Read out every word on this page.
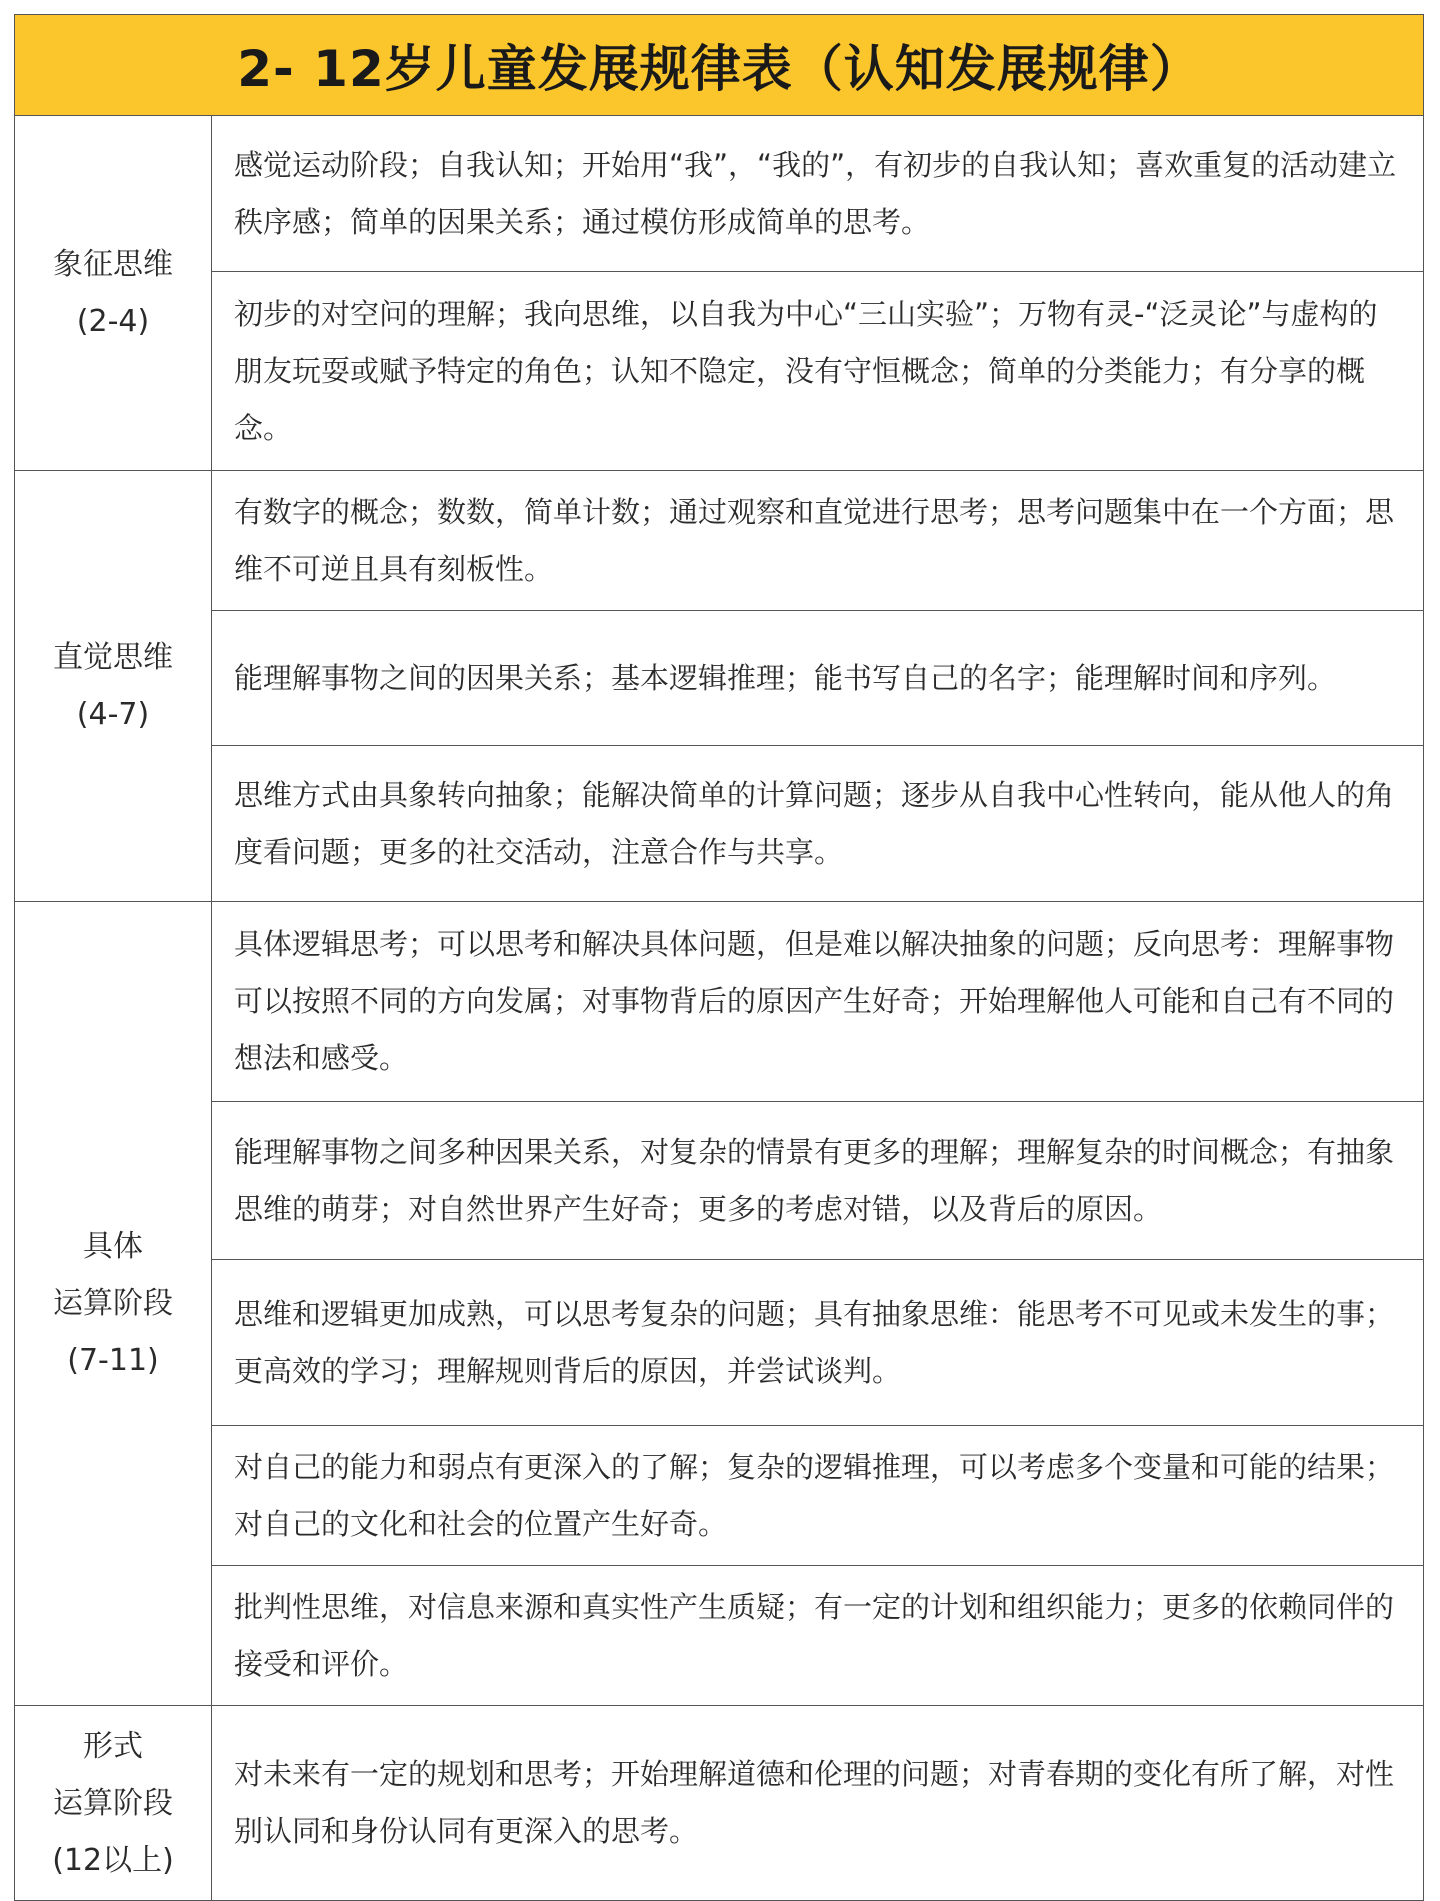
2- 12岁儿童发展规律表（认知发展规律）
象征思维
(2-4)

感觉运动阶段；自我认知；开始用“我”，“我的”，有初步的自我认知；喜欢重复的活动建立秩序感；简单的因果关系；通过模仿形成简单的思考。

初步的对空问的理解；我向思维，以自我为中心“三山实验”；万物有灵-“泛灵论”与虚构的朋友玩耍或赋予特定的角色；认知不隐定，没有守恒概念；简单的分类能力；有分享的概念。

直觉思维
(4-7)

有数字的概念；数数，简单计数；通过观察和直觉进行思考；思考问题集中在一个方面；思维不可逆且具有刻板性。

能理解事物之间的因果关系；基本逻辑推理；能书写自己的名字；能理解时间和序列。

思维方式由具象转向抽象；能解决简单的计算问题；逐步从自我中心性转向，能从他人的角度看问题；更多的社交活动，注意合作与共享。

具体
运算阶段
(7-11)

具体逻辑思考；可以思考和解决具体问题，但是难以解决抽象的问题；反向思考：理解事物可以按照不同的方向发属；对事物背后的原因产生好奇；开始理解他人可能和自己有不同的想法和感受。

能理解事物之间多种因果关系，对复杂的情景有更多的理解；理解复杂的时间概念；有抽象思维的萌芽；对自然世界产生好奇；更多的考虑对错，以及背后的原因。

思维和逻辑更加成熟，可以思考复杂的问题；具有抽象思维：能思考不可见或未发生的事；更高效的学习；理解规则背后的原因，并尝试谈判。

对自己的能力和弱点有更深入的了解；复杂的逻辑推理，可以考虑多个变量和可能的结果；对自己的文化和社会的位置产生好奇。

批判性思维，对信息来源和真实性产生质疑；有一定的计划和组织能力；更多的依赖同伴的接受和评价。

形式
运算阶段
(12以上)

对未来有一定的规划和思考；开始理解道德和伦理的问题；对青春期的变化有所了解，对性别认同和身份认同有更深入的思考。
